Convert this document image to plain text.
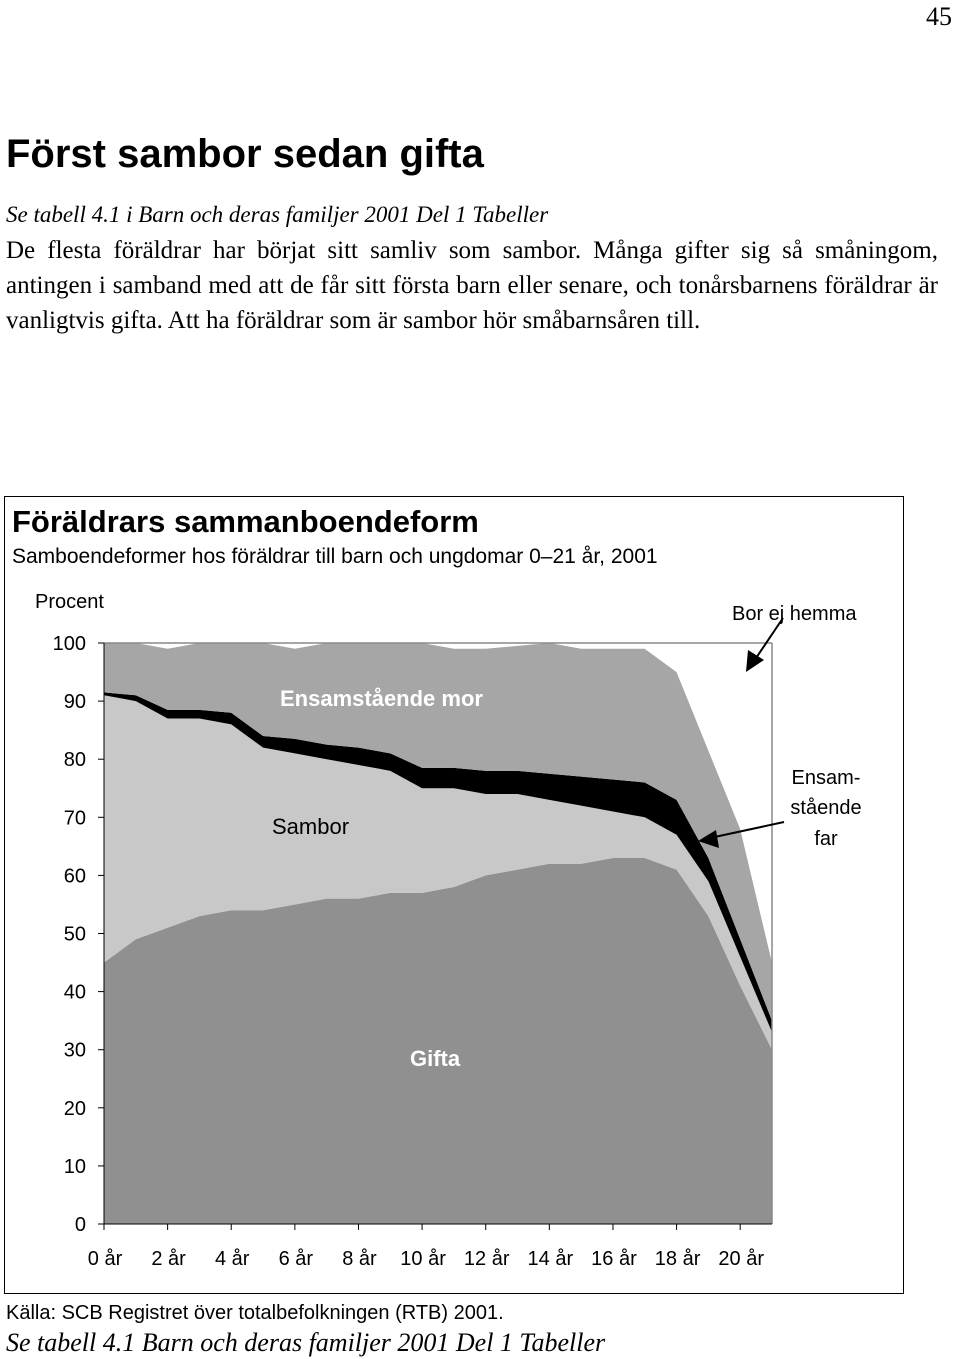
45
Först sambor sedan gifta
Se tabell 4.1 i Barn och deras familjer 2001 Del 1 Tabeller

De flesta föräldrar har börjat sitt samliv som sambor. Många gifter sig så småningom, antingen i samband med att de får sitt första barn eller senare, och tonårsbarnens föräldrar är vanligtvis gifta. Att ha föräldrar som är sambor hör småbarnsåren till.

Föräldrars sammanboendeform
Samboendeformer hos föräldrar till barn och ungdomar 0–21 år, 2001
0
10
20
30
40
50
60
70
80
90
100
0 år 2 år 4 år 6 år 8 år 10 år 12 år 14 år 16 år 18 år 20 år
Procent
Gifta
Sambor
Ensamstående mor
Bor ej hemma
Ensam-
stående
far
Källa: SCB Registret över totalbefolkningen (RTB) 2001.
Se tabell 4.1 Barn och deras familjer 2001 Del 1 Tabeller
